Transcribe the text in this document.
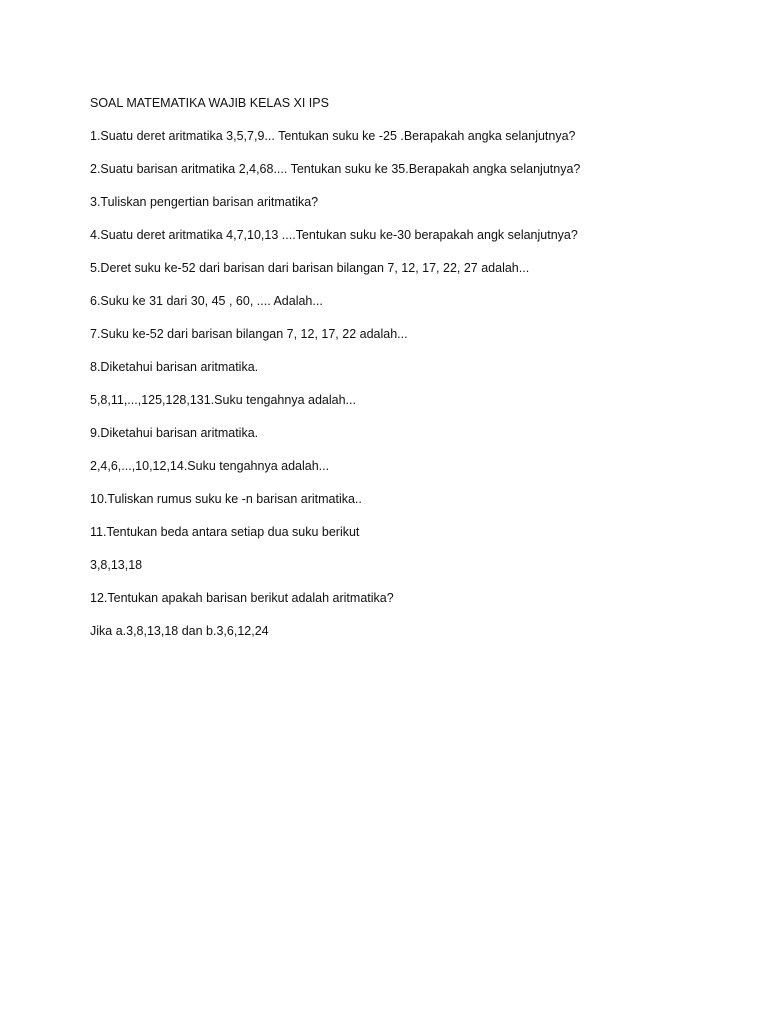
SOAL MATEMATIKA WAJIB KELAS XI IPS

1.Suatu deret aritmatika 3,5,7,9... Tentukan suku ke -25 .Berapakah angka selanjutnya?

2.Suatu barisan aritmatika 2,4,68.... Tentukan suku ke 35.Berapakah angka selanjutnya?

3.Tuliskan pengertian barisan aritmatika?

4.Suatu deret aritmatika 4,7,10,13 ....Tentukan suku ke-30 berapakah angk selanjutnya?

5.Deret suku ke-52 dari barisan dari barisan bilangan 7, 12, 17, 22, 27 adalah...

6.Suku ke 31 dari 30, 45 , 60, .... Adalah...

7.Suku ke-52 dari barisan bilangan 7, 12, 17, 22 adalah...

8.Diketahui barisan aritmatika.

5,8,11,...,125,128,131.Suku tengahnya adalah...

9.Diketahui barisan aritmatika.

2,4,6,...,10,12,14.Suku tengahnya adalah...

10.Tuliskan rumus suku ke -n barisan aritmatika..

11.Tentukan beda antara setiap dua suku berikut

3,8,13,18

12.Tentukan apakah barisan berikut adalah aritmatika?

Jika a.3,8,13,18 dan b.3,6,12,24
